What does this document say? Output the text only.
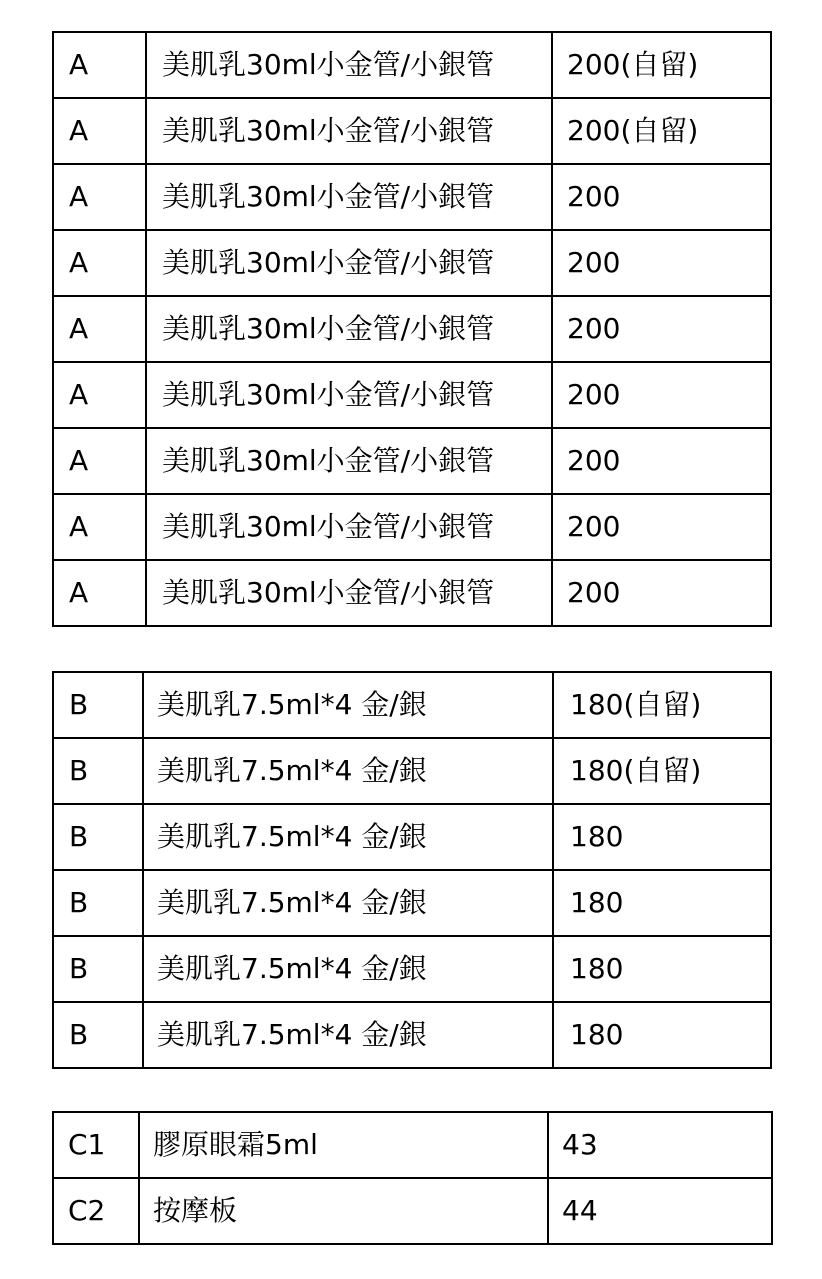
A	美肌乳30ml小金管/小銀管	200(自留)
A	美肌乳30ml小金管/小銀管	200(自留)
A	美肌乳30ml小金管/小銀管	200
A	美肌乳30ml小金管/小銀管	200
A	美肌乳30ml小金管/小銀管	200
A	美肌乳30ml小金管/小銀管	200
A	美肌乳30ml小金管/小銀管	200
A	美肌乳30ml小金管/小銀管	200
A	美肌乳30ml小金管/小銀管	200
B	美肌乳7.5ml*4 金/銀	180(自留)
B	美肌乳7.5ml*4 金/銀	180(自留)
B	美肌乳7.5ml*4 金/銀	180
B	美肌乳7.5ml*4 金/銀	180
B	美肌乳7.5ml*4 金/銀	180
B	美肌乳7.5ml*4 金/銀	180
C1	膠原眼霜5ml	43
C2	按摩板	44
